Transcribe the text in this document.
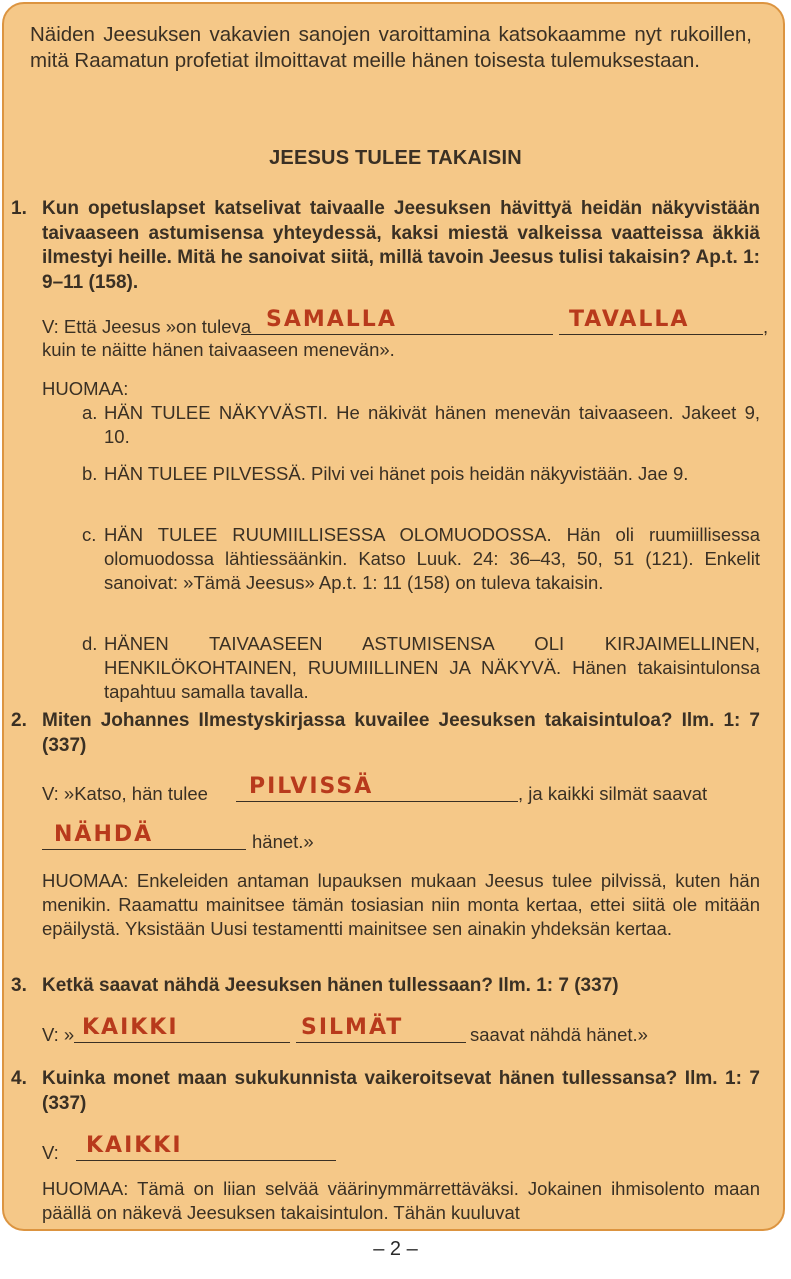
Näiden Jeesuksen vakavien sanojen varoittamina katsokaamme nyt rukoillen, mitä Raamatun profetiat ilmoittavat meille hänen toisesta tulemuksestaan.

JEESUS TULEE TAKAISIN
1. Kun opetuslapset katselivat taivaalle Jeesuksen hävittyä heidän näkyvistään taivaaseen astumisensa yhteydessä, kaksi miestä valkeissa vaatteissa äkkiä ilmestyi heille. Mitä he sanoivat siitä, millä tavoin Jeesus tulisi takaisin? Ap.t. 1: 9–11 (158).

V: Että Jeesus »on tuleva SAMALLA	TAVALLA	,
kuin te näitte hänen taivaaseen menevän».
HUOMAA:
a. HÄN TULEE NÄKYVÄSTI. He näkivät hänen menevän taivaaseen. Jakeet 9, 10.

b. HÄN TULEE PILVESSÄ. Pilvi vei hänet pois heidän näkyvistään. Jae 9.

c. HÄN TULEE RUUMIILLISESSA OLOMUODOSSA. Hän oli ruumiillisessa olomuodossa lähtiessäänkin. Katso Luuk. 24: 36–43, 50, 51 (121). Enkelit sanoivat: »Tämä Jeesus» Ap.t. 1: 11 (158) on tuleva takaisin.

d. HÄNEN TAIVAASEEN ASTUMISENSA OLI KIRJAIMELLINEN, HENKILÖKOHTAINEN, RUUMIILLINEN JA NÄKYVÄ. Hänen takaisintulonsa tapahtuu samalla tavalla.

2. Miten Johannes Ilmestyskirjassa kuvailee Jeesuksen takaisintuloa? Ilm. 1: 7 (337)

V: »Katso, hän tulee PILVISSÄ	, ja kaikki silmät saavat
NÄHDÄ	hänet.»

HUOMAA: Enkeleiden antaman lupauksen mukaan Jeesus tulee pilvissä, kuten hän menikin. Raamattu mainitsee tämän tosiasian niin monta kertaa, ettei siitä ole mitään epäilystä. Yksistään Uusi testamentti mainitsee sen ainakin yhdeksän kertaa.

3. Ketkä saavat nähdä Jeesuksen hänen tullessaan? Ilm. 1: 7 (337)

V: » KAIKKI	SILMÄT	saavat nähdä hänet.»
4. Kuinka monet maan sukukunnista vaikeroitsevat hänen tullessansa? Ilm. 1: 7 (337)

V: KAIKKI

HUOMAA: Tämä on liian selvää väärinymmärrettäväksi. Jokainen ihmisolento maan päällä on näkevä Jeesuksen takaisintulon. Tähän kuuluvat

– 2 –
